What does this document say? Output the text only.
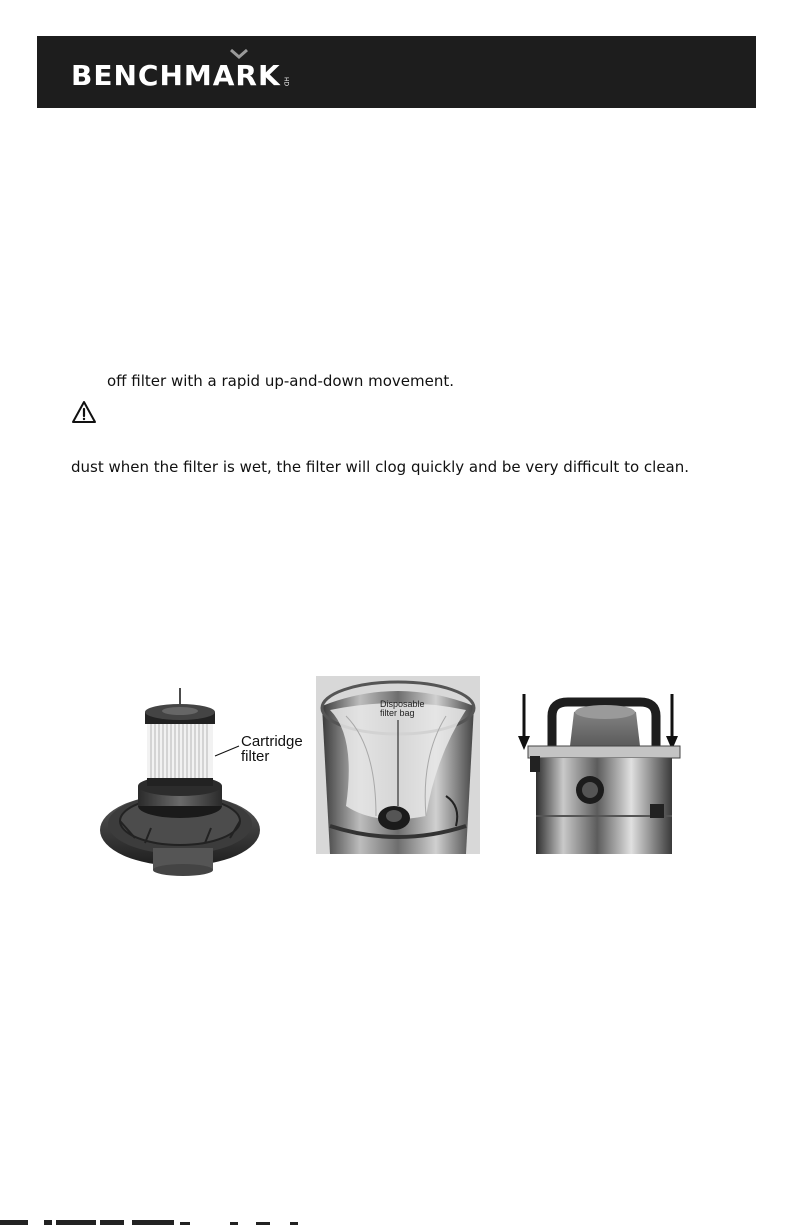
BENCHMARK HD
off filter with a rapid up-and-down movement.
dust when the filter is wet, the filter will clog quickly and be very difficult to clean.
Cartridge
filter
Disposable
filter bag
